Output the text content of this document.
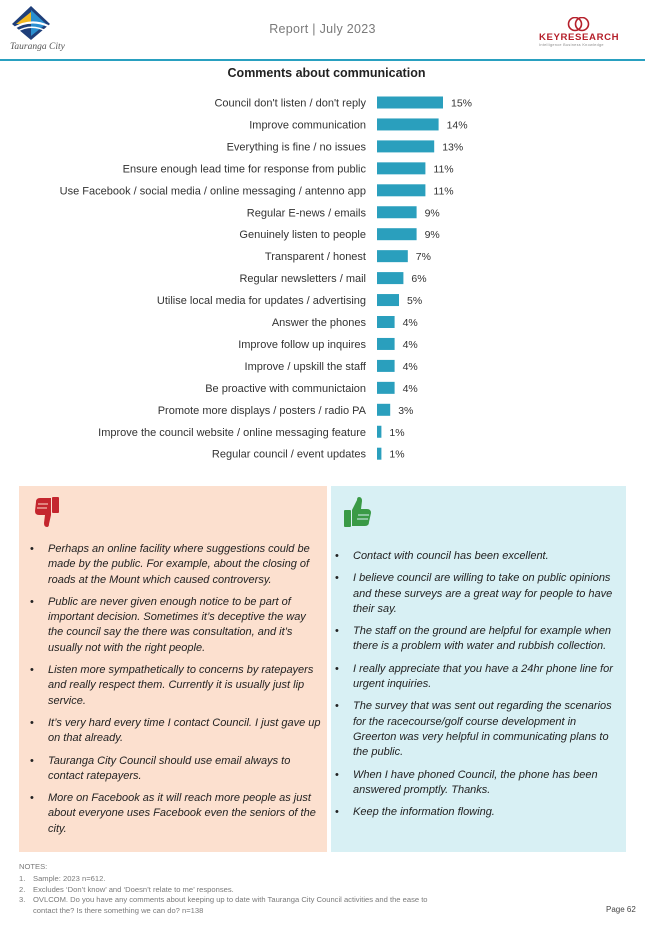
Tauranga City
Report | July 2023
KEYRESEARCH
Intelligence Business Knowledge
Comments about communication
Council don't listen / don't reply	15%
Improve communication	14%
Everything is fine / no issues	13%
Ensure enough lead time for response from public	11%
Use Facebook / social media / online messaging / antenno app	11%
Regular E-news / emails	9%
Genuinely listen to people	9%
Transparent / honest	7%
Regular newsletters / mail	6%
Utilise local media for updates / advertising	5%
Answer the phones	4%
Improve follow up inquires	4%
Improve / upskill the staff	4%
Be proactive with communictaion	4%
Promote more displays / posters / radio PA	3%
Improve the council website / online messaging feature 1%
Regular council / event updates 1%
• Perhaps an online facility where suggestions could be made by the public. For example, about the closing of roads at the Mount which caused controversy.
• Public are never given enough notice to be part of important decision. Sometimes it’s deceptive the way the council say the there was consultation, and it’s usually not with the right people.
• Listen more sympathetically to concerns by ratepayers and really respect them. Currently it is usually just lip service.
• It’s very hard every time I contact Council. I just gave up on that already.
• Tauranga City Council should use email always to contact ratepayers.
• More on Facebook as it will reach more people as just about everyone uses Facebook even the seniors of the city.
• Contact with council has been excellent.
• I believe council are willing to take on public opinions and these surveys are a great way for people to have their say.
• The staff on the ground are helpful for example when there is a problem with water and rubbish collection.
• I really appreciate that you have a 24hr phone line for urgent inquiries.
• The survey that was sent out regarding the scenarios for the racecourse/golf course development in Greerton was very helpful in communicating plans to the public.
• When I have phoned Council, the phone has been answered promptly. Thanks.
• Keep the information flowing.
NOTES:
1.	Sample: 2023 n=612.
2.	Excludes ‘Don’t know’ and ‘Doesn’t relate to me’ responses.
3.	OVLCOM. Do you have any comments about keeping up to date with Tauranga City Council activities and the ease to contact the? Is there something we can do? n=138	Page 62
